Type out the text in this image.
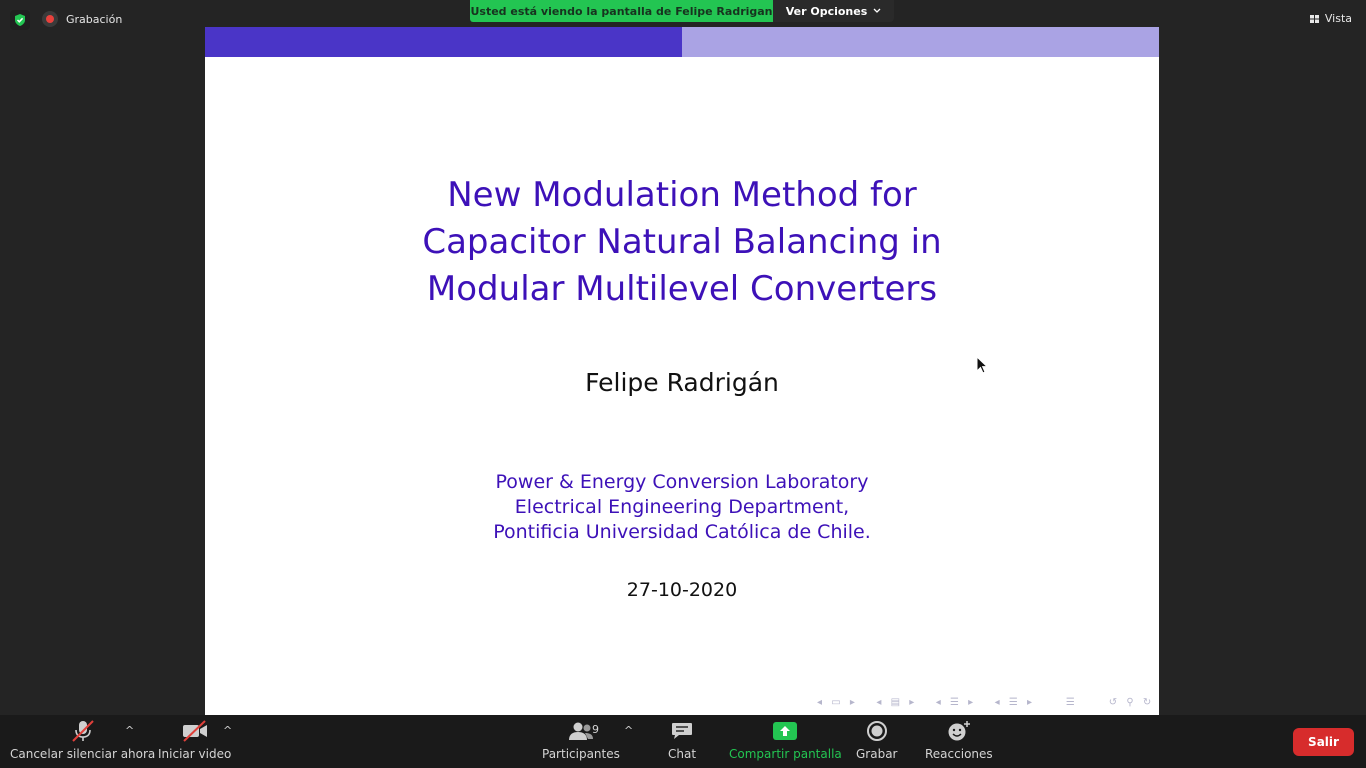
Grabación
Usted está viendo la pantalla de Felipe Radrigan Ver Opciones
Vista
New Modulation Method for
Capacitor Natural Balancing in
Modular Multilevel Converters
Felipe Radrigán
Power & Energy Conversion Laboratory
Electrical Engineering Department,
Pontificia Universidad Católica de Chile.
27-10-2020
◂ ▭ ▸   ◂ ▤ ▸   ◂ ☰ ▸   ◂ ☰ ▸     ☰     ↺ ⚲ ↻
Cancelar silenciar ahora
^
Iniciar video
^
Participantes
9 ^
Chat	Compartir pantalla Grabar Reacciones
Salir
